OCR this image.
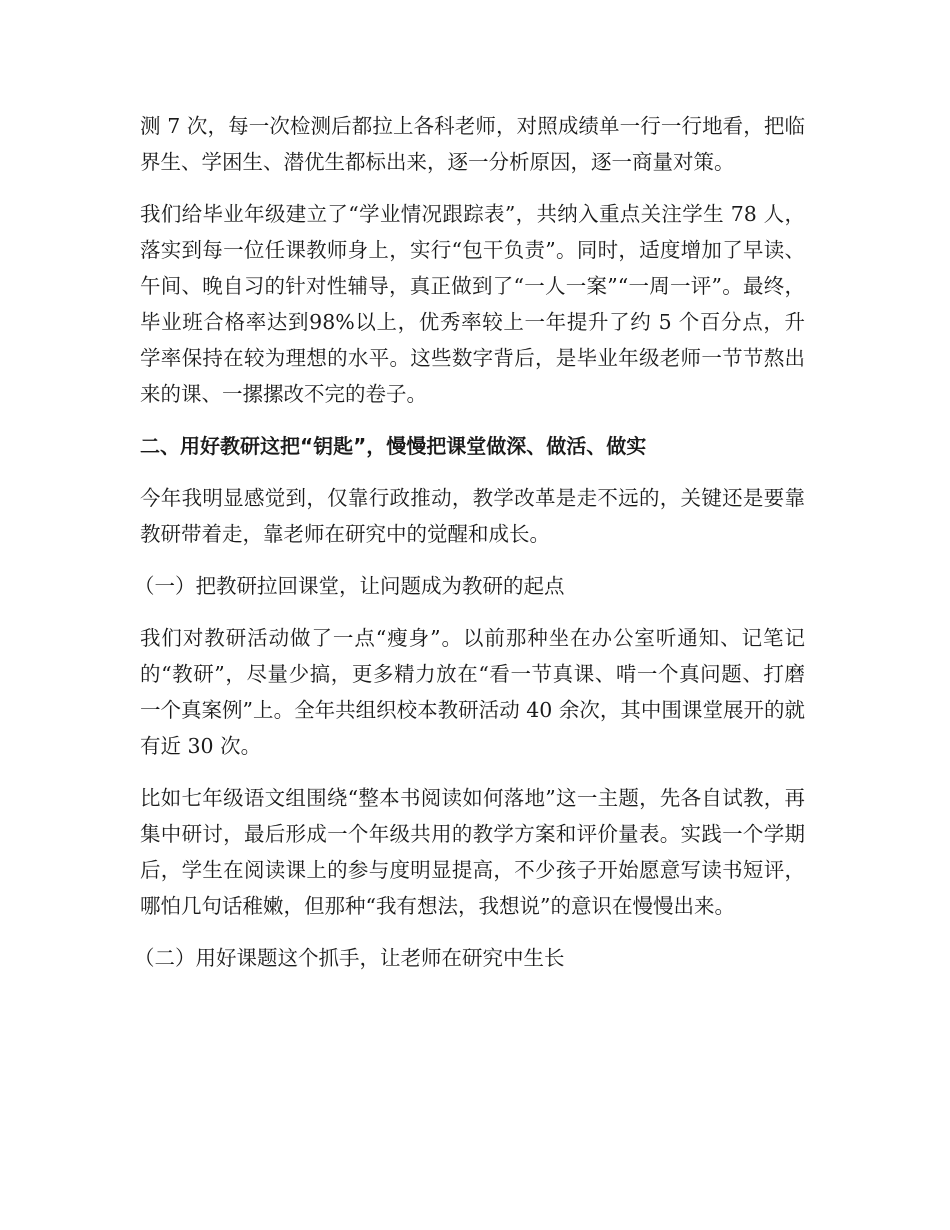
测 7 次，每一次检测后都拉上各科老师，对照成绩单一行一行地看，把临界生、学困生、潜优生都标出来，逐一分析原因，逐一商量对策。

我们给毕业年级建立了“学业情况跟踪表”，共纳入重点关注学生 78 人，落实到每一位任课教师身上，实行“包干负责”。同时，适度增加了早读、午间、晚自习的针对性辅导，真正做到了“一人一案”“一周一评”。最终，毕业班合格率达到98%以上，优秀率较上一年提升了约 5 个百分点，升学率保持在较为理想的水平。这些数字背后，是毕业年级老师一节节熬出来的课、一摞摞改不完的卷子。

二、用好教研这把“钥匙”，慢慢把课堂做深、做活、做实

今年我明显感觉到，仅靠行政推动，教学改革是走不远的，关键还是要靠教研带着走，靠老师在研究中的觉醒和成长。

（一）把教研拉回课堂，让问题成为教研的起点

我们对教研活动做了一点“瘦身”。以前那种坐在办公室听通知、记笔记的“教研”，尽量少搞，更多精力放在“看一节真课、啃一个真问题、打磨一个真案例”上。全年共组织校本教研活动 40 余次，其中围课堂展开的就有近 30 次。

比如七年级语文组围绕“整本书阅读如何落地”这一主题，先各自试教，再集中研讨，最后形成一个年级共用的教学方案和评价量表。实践一个学期后，学生在阅读课上的参与度明显提高，不少孩子开始愿意写读书短评，哪怕几句话稚嫩，但那种“我有想法，我想说”的意识在慢慢出来。

（二）用好课题这个抓手，让老师在研究中生长
